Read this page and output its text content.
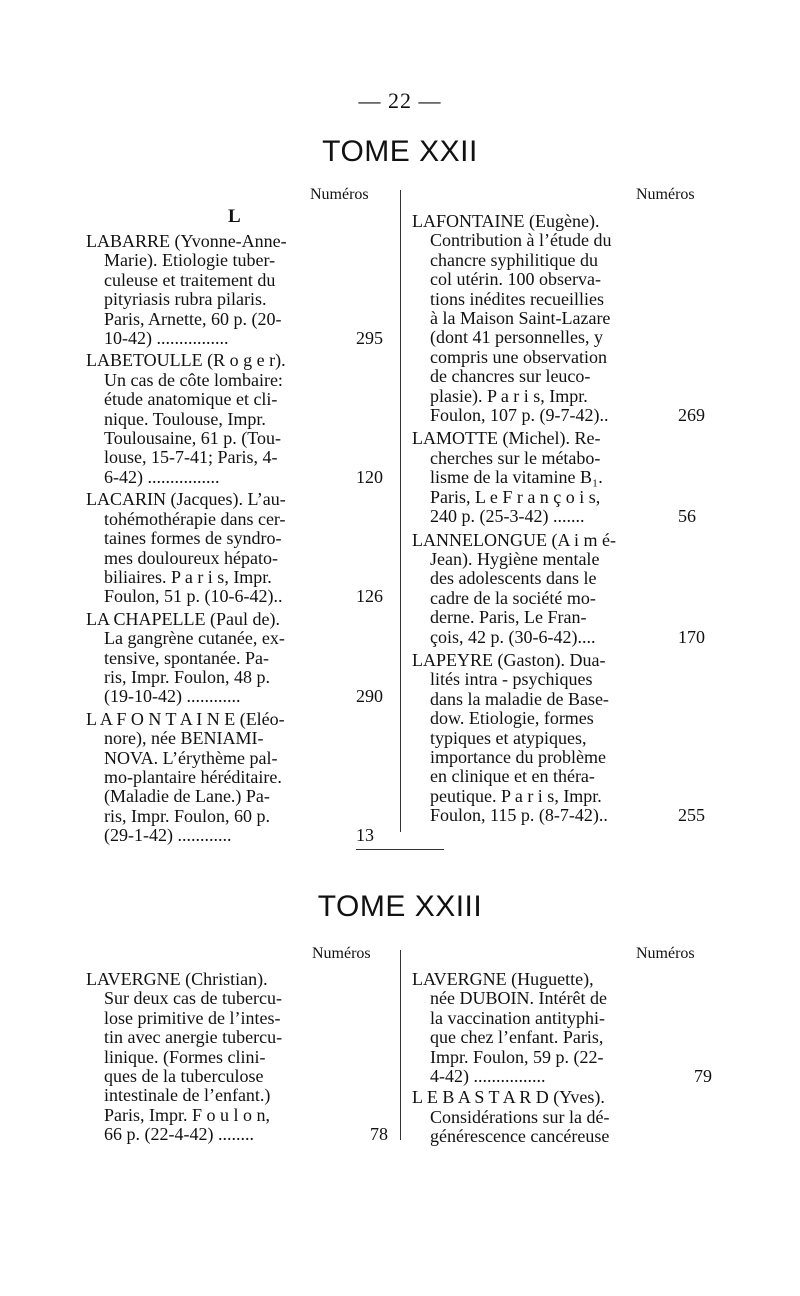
— 22 —
TOME XXII
Numéros	Numéros
L
LABARRE (Yvonne-Anne-
Marie). Etiologie tuber-
culeuse et traitement du
pityriasis rubra pilaris.
Paris, Arnette, 60 p. (20-
10-42) ................	295
LABETOULLE (R o g e r).
Un cas de côte lombaire:
étude anatomique et cli-
nique. Toulouse, Impr.
Toulousaine, 61 p. (Tou-
louse, 15-7-41; Paris, 4-
6-42) ................	120
LACARIN (Jacques). L’au-
tohémothérapie dans cer-
taines formes de syndro-
mes douloureux hépato-
biliaires. P a r i s, Impr.
Foulon, 51 p. (10-6-42)..	126
LA CHAPELLE (Paul de).
La gangrène cutanée, ex-
tensive, spontanée. Pa-
ris, Impr. Foulon, 48 p.
(19-10-42) ............	290
L A F O N T A I N E (Eléo-
nore), née BENIAMI-
NOVA. L’érythème pal-
mo-plantaire héréditaire.
(Maladie de Lane.) Pa-
ris, Impr. Foulon, 60 p.
(29-1-42) ............	13
LAFONTAINE (Eugène).
Contribution à l’étude du
chancre syphilitique du
col utérin. 100 observa-
tions inédites recueillies
à la Maison Saint-Lazare
(dont 41 personnelles, y
compris une observation
de chancres sur leuco-
plasie). P a r i s, Impr.
Foulon, 107 p. (9-7-42)..	269
LAMOTTE (Michel). Re-
cherches sur le métabo-
lisme de la vitamine B₁.
Paris, L e F r a n ç o i s,
240 p. (25-3-42) .......	56
LANNELONGUE (A i m é-
Jean). Hygiène mentale
des adolescents dans le
cadre de la société mo-
derne. Paris, Le Fran-
çois, 42 p. (30-6-42)....	170
LAPEYRE (Gaston). Dua-
lités intra - psychiques
dans la maladie de Base-
dow. Etiologie, formes
typiques et atypiques,
importance du problème
en clinique et en théra-
peutique. P a r i s, Impr.
Foulon, 115 p. (8-7-42)..	255
TOME XXIII
Numéros	Numéros
LAVERGNE (Christian).
Sur deux cas de tubercu-
lose primitive de l’intes-
tin avec anergie tubercu-
linique. (Formes clini-
ques de la tuberculose
intestinale de l’enfant.)
Paris, Impr. F o u l o n,
66 p. (22-4-42) ........	78
LAVERGNE (Huguette),
née DUBOIN. Intérêt de
la vaccination antityphi-
que chez l’enfant. Paris,
Impr. Foulon, 59 p. (22-
4-42) ................	79
L E B A S T A R D (Yves).
Considérations sur la dé-
générescence cancéreuse
